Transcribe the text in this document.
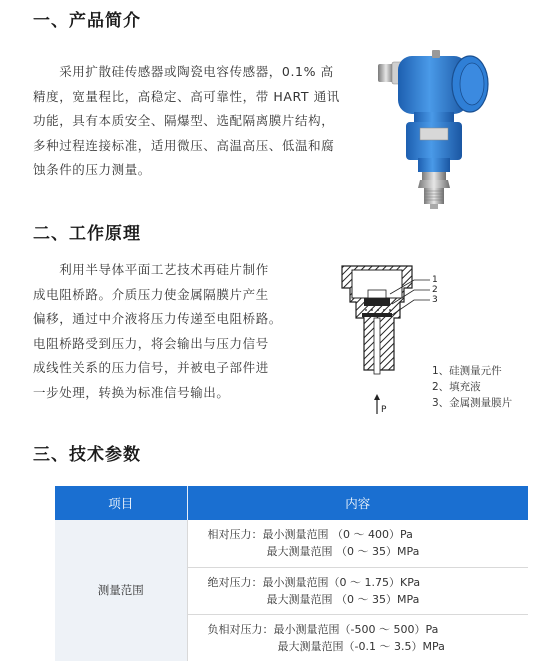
一、产品简介
　　采用扩散硅传感器或陶瓷电容传感器，0.1% 高
精度，宽量程比，高稳定、高可靠性，带 HART 通讯
功能，具有本质安全、隔爆型、选配隔离膜片结构，
多种过程连接标准，适用微压、高温高压、低温和腐
蚀条件的压力测量。
二、工作原理
　　利用半导体平面工艺技术再硅片制作
成电阻桥路。介质压力使金属隔膜片产生
偏移，通过中介液将压力传递至电阻桥路。
电阻桥路受到压力，将会输出与压力信号
成线性关系的压力信号，并被电子部件进
一步处理，转换为标准信号输出。
1
2
3
P
1、硅测量元件
2、填充液
3、金属测量膜片
三、技术参数
项目	内容
测量范围	相对压力：最小测量范围 （0 ～ 400）Pa
最大测量范围 （0 ～ 35）MPa

	绝对压力：最小测量范围（0 ～ 1.75）KPa
最大测量范围 （0 ～ 35）MPa

	负相对压力：最小测量范围（-500 ～ 500）Pa
最大测量范围（-0.1 ～ 3.5）MPa
